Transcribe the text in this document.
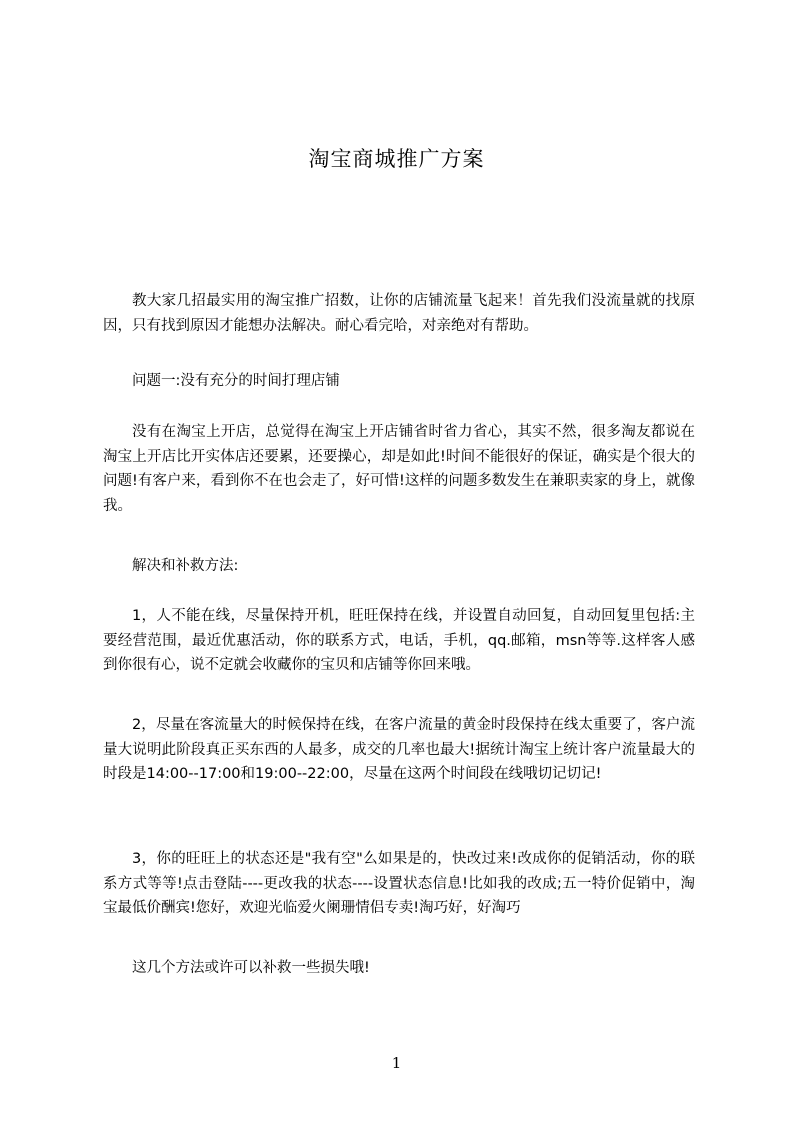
淘宝商城推广方案
教大家几招最实用的淘宝推广招数，让你的店铺流量飞起来！首先我们没流量就的找原因，只有找到原因才能想办法解决。耐心看完哈，对亲绝对有帮助。
问题一:没有充分的时间打理店铺
没有在淘宝上开店，总觉得在淘宝上开店铺省时省力省心，其实不然，很多淘友都说在淘宝上开店比开实体店还要累，还要操心，却是如此!时间不能很好的保证，确实是个很大的问题!有客户来，看到你不在也会走了，好可惜!这样的问题多数发生在兼职卖家的身上，就像我。
解决和补救方法:
1，人不能在线，尽量保持开机，旺旺保持在线，并设置自动回复，自动回复里包括:主要经营范围，最近优惠活动，你的联系方式，电话，手机，qq.邮箱，msn等等.这样客人感到你很有心，说不定就会收藏你的宝贝和店铺等你回来哦。
2，尽量在客流量大的时候保持在线，在客户流量的黄金时段保持在线太重要了，客户流量大说明此阶段真正买东西的人最多，成交的几率也最大!据统计淘宝上统计客户流量最大的时段是14:00--17:00和19:00--22:00，尽量在这两个时间段在线哦切记切记!
3，你的旺旺上的状态还是"我有空"么如果是的，快改过来!改成你的促销活动，你的联系方式等等!点击登陆----更改我的状态----设置状态信息!比如我的改成;五一特价促销中，淘宝最低价酬宾!您好，欢迎光临爱火阑珊情侣专卖!淘巧好，好淘巧
这几个方法或许可以补救一些损失哦!
1
